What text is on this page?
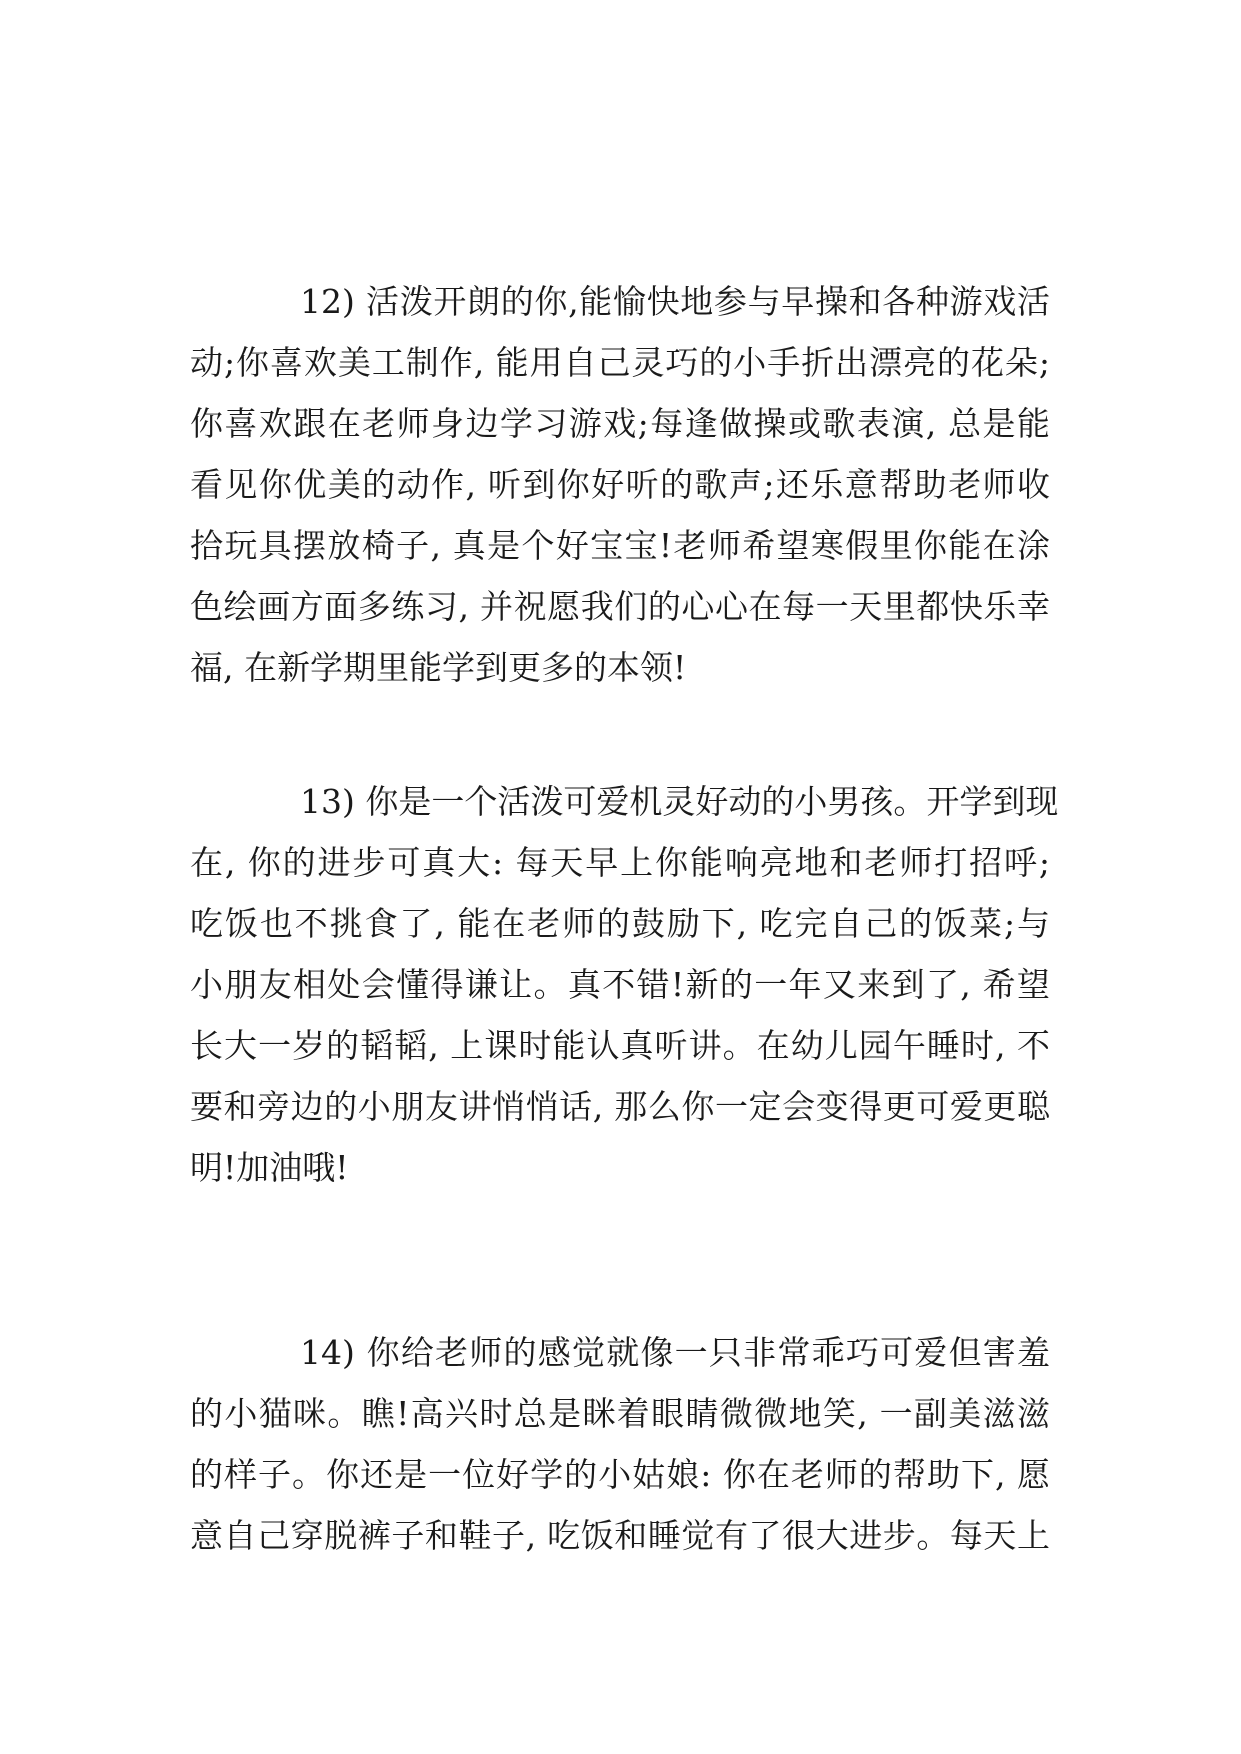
12) 活泼开朗的你,能愉快地参与早操和各种游戏活
动;你喜欢美工制作, 能用自己灵巧的小手折出漂亮的花朵;
你喜欢跟在老师身边学习游戏;每逢做操或歌表演, 总是能
看见你优美的动作, 听到你好听的歌声;还乐意帮助老师收
拾玩具摆放椅子, 真是个好宝宝!老师希望寒假里你能在涂
色绘画方面多练习, 并祝愿我们的心心在每一天里都快乐幸
福, 在新学期里能学到更多的本领!
13) 你是一个活泼可爱机灵好动的小男孩。开学到现
在, 你的进步可真大: 每天早上你能响亮地和老师打招呼;
吃饭也不挑食了, 能在老师的鼓励下, 吃完自己的饭菜;与
小朋友相处会懂得谦让。真不错!新的一年又来到了, 希望
长大一岁的韬韬, 上课时能认真听讲。在幼儿园午睡时, 不
要和旁边的小朋友讲悄悄话, 那么你一定会变得更可爱更聪
明!加油哦!
14) 你给老师的感觉就像一只非常乖巧可爱但害羞
的小猫咪。瞧!高兴时总是眯着眼睛微微地笑, 一副美滋滋
的样子。你还是一位好学的小姑娘: 你在老师的帮助下, 愿
意自己穿脱裤子和鞋子, 吃饭和睡觉有了很大进步。每天上
